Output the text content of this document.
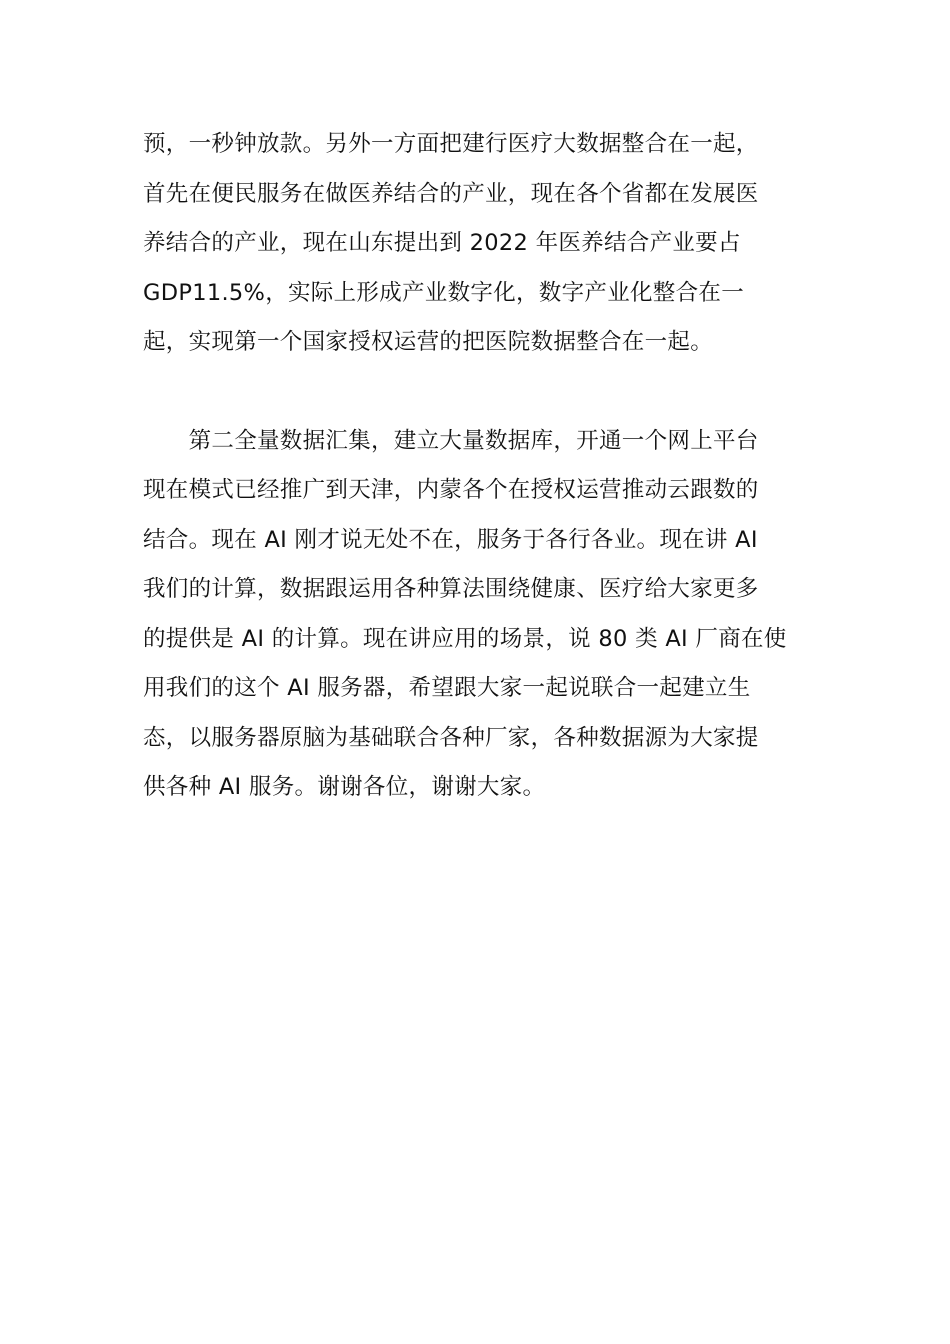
预，一秒钟放款。另外一方面把建行医疗大数据整合在一起，
首先在便民服务在做医养结合的产业，现在各个省都在发展医
养结合的产业，现在山东提出到 2022 年医养结合产业要占
GDP11.5%，实际上形成产业数字化，数字产业化整合在一
起，实现第一个国家授权运营的把医院数据整合在一起。
　　第二全量数据汇集，建立大量数据库，开通一个网上平台
现在模式已经推广到天津，内蒙各个在授权运营推动云跟数的
结合。现在 AI 刚才说无处不在，服务于各行各业。现在讲 AI
我们的计算，数据跟运用各种算法围绕健康、医疗给大家更多
的提供是 AI 的计算。现在讲应用的场景，说 80 类 AI 厂商在使
用我们的这个 AI 服务器，希望跟大家一起说联合一起建立生
态，以服务器原脑为基础联合各种厂家，各种数据源为大家提
供各种 AI 服务。谢谢各位，谢谢大家。
